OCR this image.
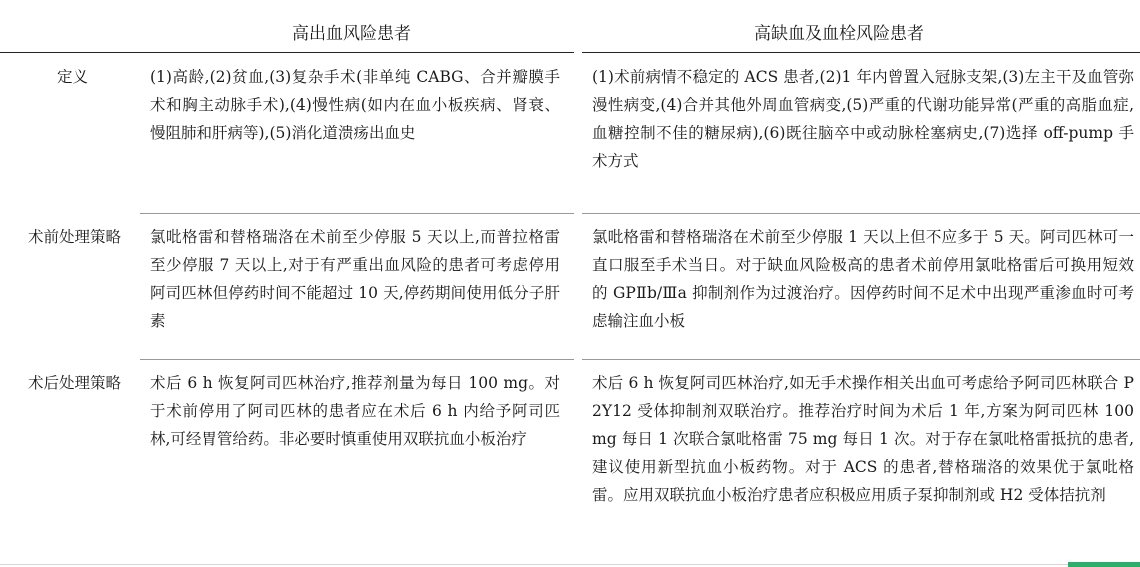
	高出血风险患者	高缺血及血栓风险患者
定义	(1)高龄,(2)贫血,(3)复杂手术(非单纯 CABG、合并瓣膜手术和胸主动脉手术),(4)慢性病(如内在血小板疾病、肾衰、慢阻肺和肝病等),(5)消化道溃疡出血史	(1)术前病情不稳定的 ACS 患者,(2)1 年内曾置入冠脉支架,(3)左主干及血管弥漫性病变,(4)合并其他外周血管病变,(5)严重的代谢功能异常(严重的高脂血症,血糖控制不佳的糖尿病),(6)既往脑卒中或动脉栓塞病史,(7)选择 off-pump 手术方式
术前处理策略	氯吡格雷和替格瑞洛在术前至少停服 5 天以上,而普拉格雷至少停服 7 天以上,对于有严重出血风险的患者可考虑停用阿司匹林但停药时间不能超过 10 天,停药期间使用低分子肝素	氯吡格雷和替格瑞洛在术前至少停服 1 天以上但不应多于 5 天。阿司匹林可一直口服至手术当日。对于缺血风险极高的患者术前停用氯吡格雷后可换用短效的 GPⅡb/Ⅲa 抑制剂作为过渡治疗。因停药时间不足术中出现严重渗血时可考虑输注血小板
术后处理策略	术后 6 h 恢复阿司匹林治疗,推荐剂量为每日 100 mg。对于术前停用了阿司匹林的患者应在术后 6 h 内给予阿司匹林,可经胃管给药。非必要时慎重使用双联抗血小板治疗	术后 6 h 恢复阿司匹林治疗,如无手术操作相关出血可考虑给予阿司匹林联合 P2Y12 受体抑制剂双联治疗。推荐治疗时间为术后 1 年,方案为阿司匹林 100 mg 每日 1 次联合氯吡格雷 75 mg 每日 1 次。对于存在氯吡格雷抵抗的患者,建议使用新型抗血小板药物。对于 ACS 的患者,替格瑞洛的效果优于氯吡格雷。应用双联抗血小板治疗患者应积极应用质子泵抑制剂或 H2 受体拮抗剂
